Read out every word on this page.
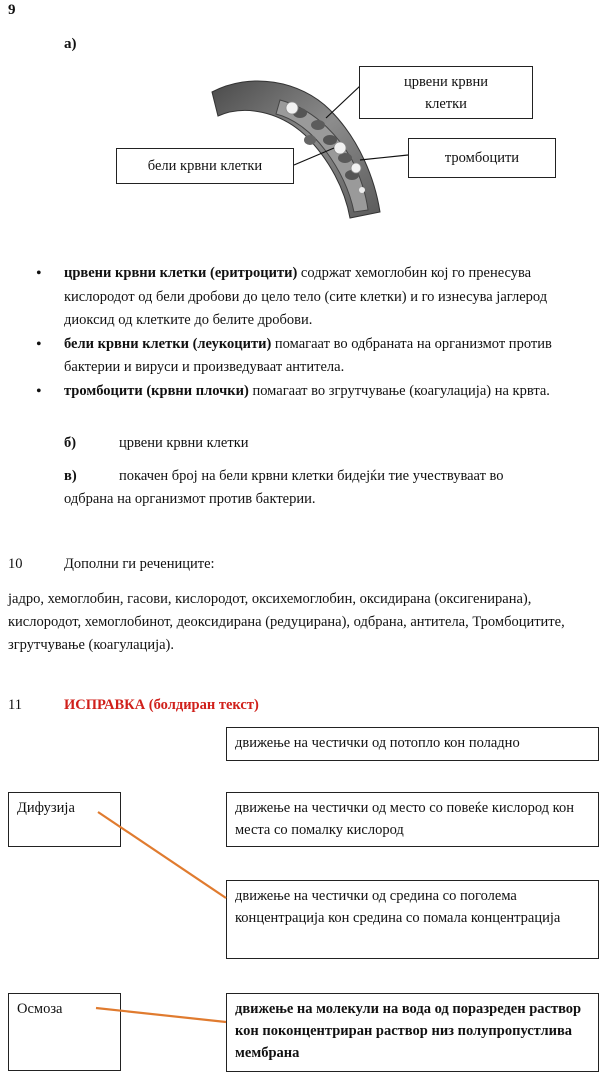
9
а)
црвени крвни клетки
бели крвни клетки	тромбоцити
• црвени крвни клетки (еритроцити) содржат хемоглобин кој го пренесува кислородот од бели дробови до цело тело (сите клетки) и го изнесува јаглерод диоксид од клетките до белите дробови.
• бели крвни клетки (леукоцити) помагаат во одбраната на организмот против бактерии и вируси и произведуваат антитела.
• тромбоцити (крвни плочки) помагаат во згрутчување (коагулација) на крвта.
б)	црвени крвни клетки
в)	покачен број на бели крвни клетки бидејќи тие учествуваат во
одбрана на организмот против бактерии.
10	Дополни ги речениците:
јадро, хемоглобин, гасови, кислородот, оксихемоглобин, оксидирана (оксигенирана), кислородот, хемоглобинот, деоксидирана (редуцирана), одбрана, антитела, Тромбоцитите, згрутчување (коагулација).
11	ИСПРАВКА (болдиран текст)
движење на честички од потопло кон поладно
движење на честички од место со повеќе кислород кон места со помалку кислород
движење на честички од средина со поголема концентрација кон средина со помала концентрација
движење на молекули на вода од поразреден раствор кон поконцентриран раствор низ полупропустлива мембрана
Дифузија
Осмоза
